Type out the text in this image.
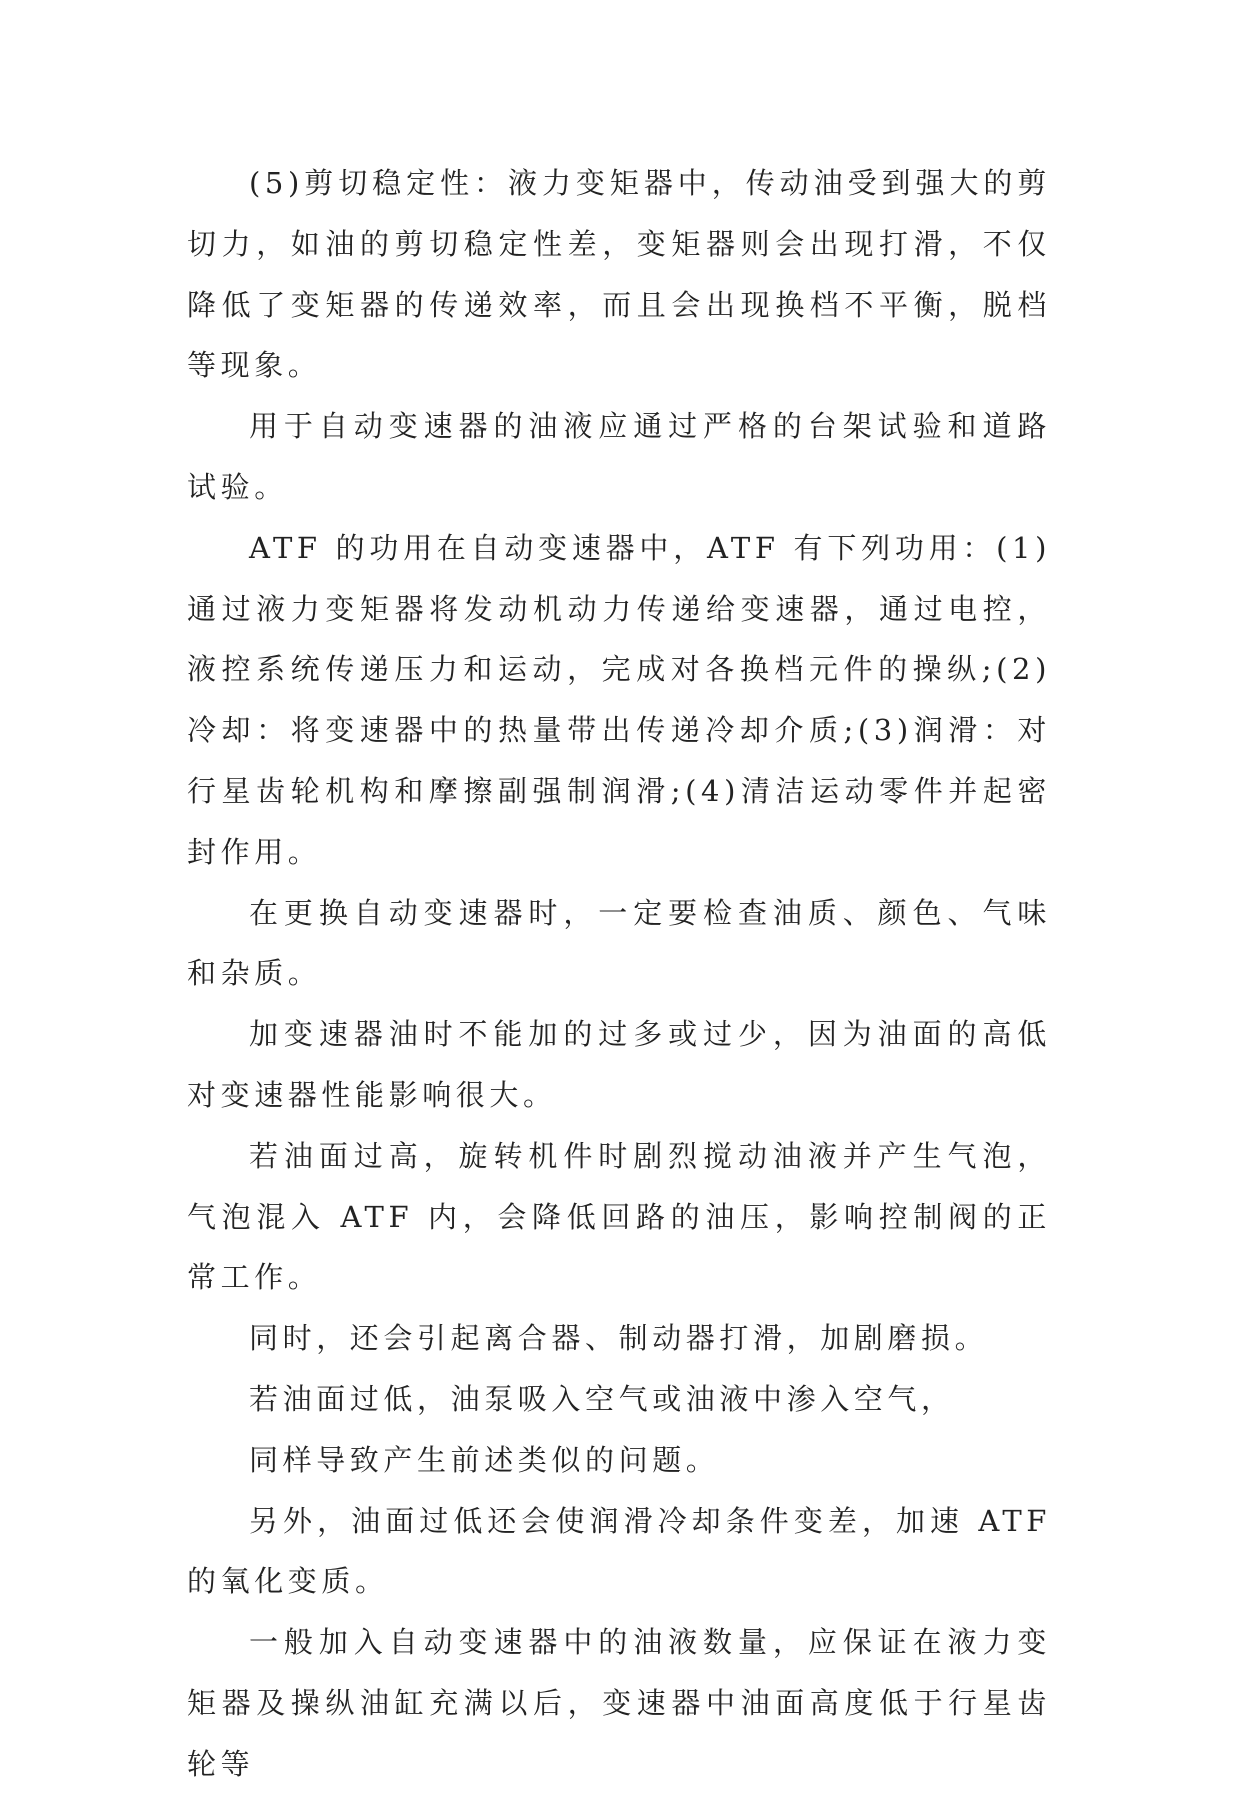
(5)剪切稳定性：液力变矩器中，传动油受到强大的剪切力，如油的剪切稳定性差，变矩器则会出现打滑，不仅降低了变矩器的传递效率，而且会出现换档不平衡，脱档等现象。

用于自动变速器的油液应通过严格的台架试验和道路试验。

ATF 的功用在自动变速器中，ATF 有下列功用：(1)通过液力变矩器将发动机动力传递给变速器，通过电控，液控系统传递压力和运动，完成对各换档元件的操纵;(2)冷却：将变速器中的热量带出传递冷却介质;(3)润滑：对行星齿轮机构和摩擦副强制润滑;(4)清洁运动零件并起密封作用。

在更换自动变速器时，一定要检查油质、颜色、气味和杂质。

加变速器油时不能加的过多或过少，因为油面的高低对变速器性能影响很大。

若油面过高，旋转机件时剧烈搅动油液并产生气泡，气泡混入 ATF 内，会降低回路的油压，影响控制阀的正常工作。

同时，还会引起离合器、制动器打滑，加剧磨损。

若油面过低，油泵吸入空气或油液中渗入空气，

同样导致产生前述类似的问题。

另外，油面过低还会使润滑冷却条件变差，加速 ATF 的氧化变质。

一般加入自动变速器中的油液数量，应保证在液力变矩器及操纵油缸充满以后，变速器中油面高度低于行星齿轮等
